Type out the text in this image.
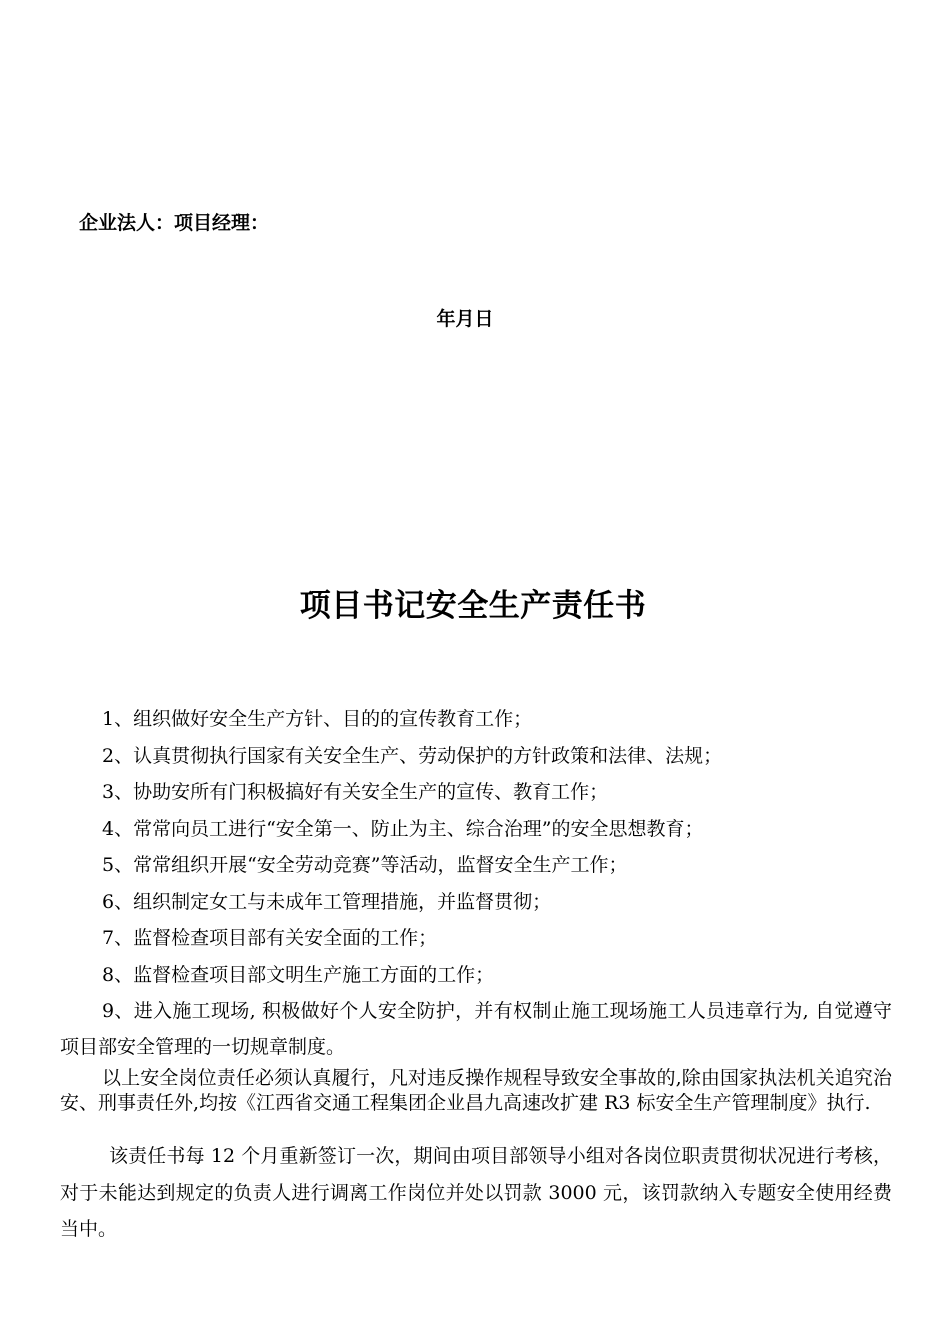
企业法人：项目经理：
年月日
项目书记安全生产责任书
1、组织做好安全生产方针、目的的宣传教育工作；
2、认真贯彻执行国家有关安全生产、劳动保护的方针政策和法律、法规；
3、协助安所有门积极搞好有关安全生产的宣传、教育工作；
4、常常向员工进行“安全第一、防止为主、综合治理”的安全思想教育；
5、常常组织开展“安全劳动竞赛”等活动，监督安全生产工作；
6、组织制定女工与未成年工管理措施，并监督贯彻；
7、监督检查项目部有关安全面的工作；
8、监督检查项目部文明生产施工方面的工作；
9、进入施工现场, 积极做好个人安全防护，并有权制止施工现场施工人员违章行为, 自觉遵守项目部安全管理的一切规章制度。

以上安全岗位责任必须认真履行，凡对违反操作规程导致安全事故的,除由国家执法机关追究治安、刑事责任外,均按《江西省交通工程集团企业昌九高速改扩建 R3 标安全生产管理制度》执行.

该责任书每 12 个月重新签订一次，期间由项目部领导小组对各岗位职责贯彻状况进行考核，对于未能达到规定的负责人进行调离工作岗位并处以罚款 3000 元，该罚款纳入专题安全使用经费当中。
